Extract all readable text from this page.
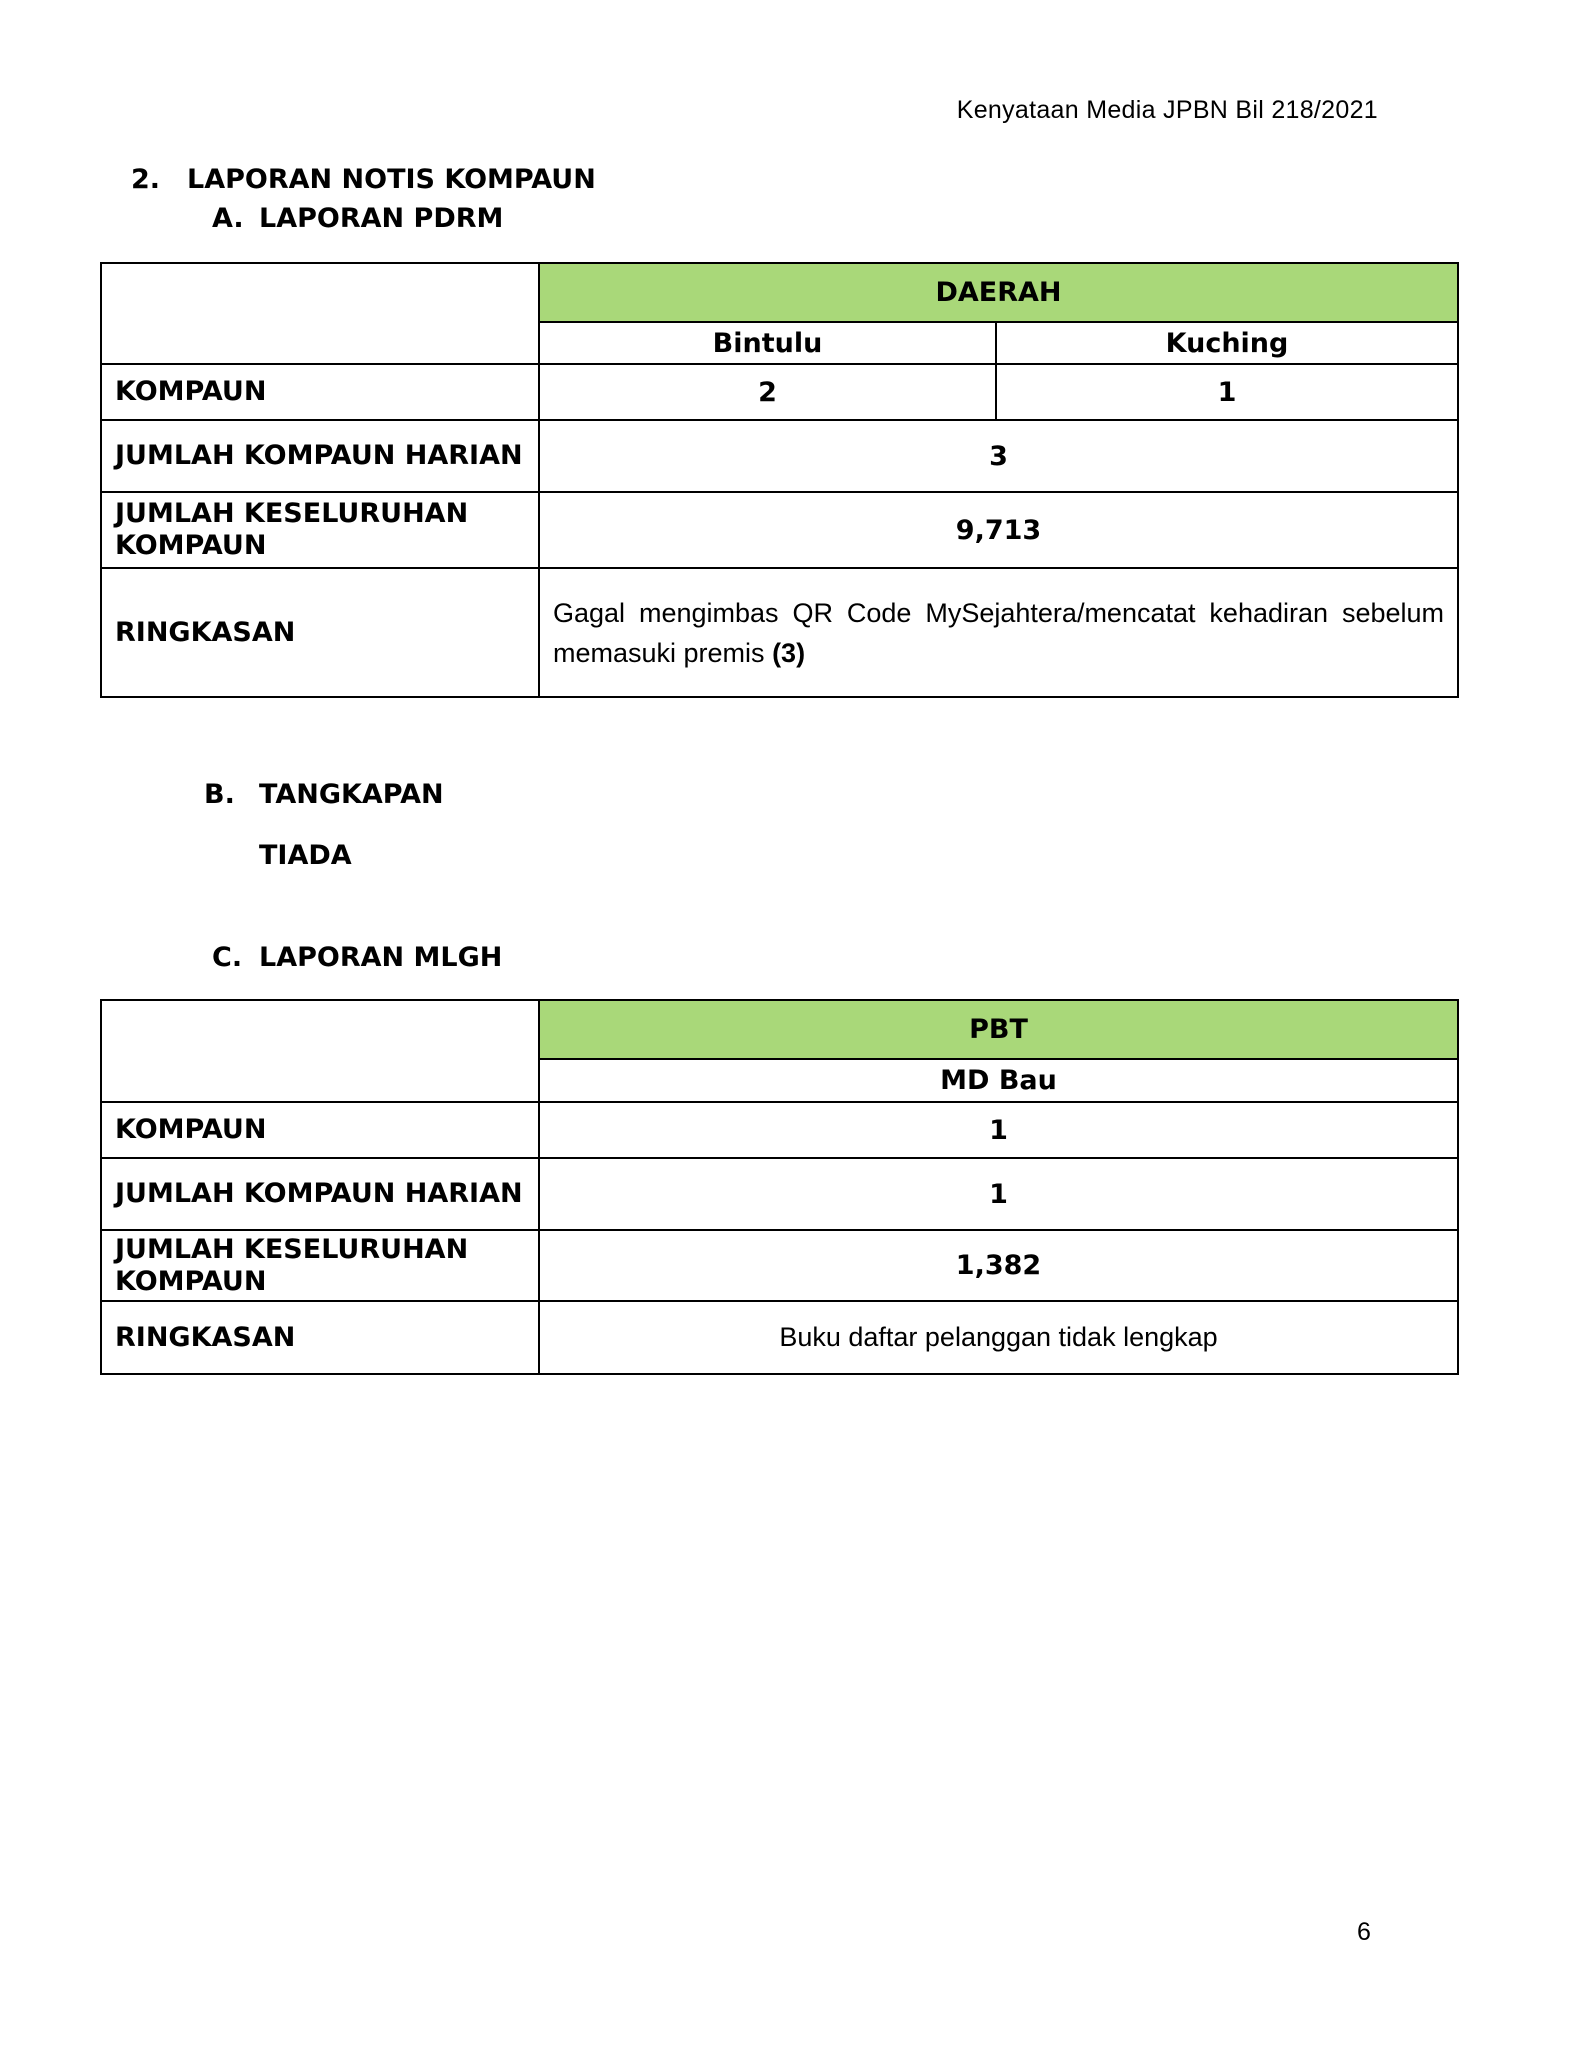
Kenyataan Media JPBN Bil 218/2021
2. LAPORAN NOTIS KOMPAUN
A. LAPORAN PDRM
	DAERAH	
	Bintulu	Kuching
KOMPAUN	2	1
JUMLAH KOMPAUN HARIAN	3	
JUMLAH KESELURUHAN KOMPAUN	9,713	
RINGKASAN	Gagal mengimbas QR Code MySejahtera/mencatat kehadiran sebelum memasuki premis (3)	
B. TANGKAPAN
TIADA
C. LAPORAN MLGH
	PBT
	MD Bau
KOMPAUN	1
JUMLAH KOMPAUN HARIAN	1
JUMLAH KESELURUHAN KOMPAUN	1,382
RINGKASAN	Buku daftar pelanggan tidak lengkap
6
